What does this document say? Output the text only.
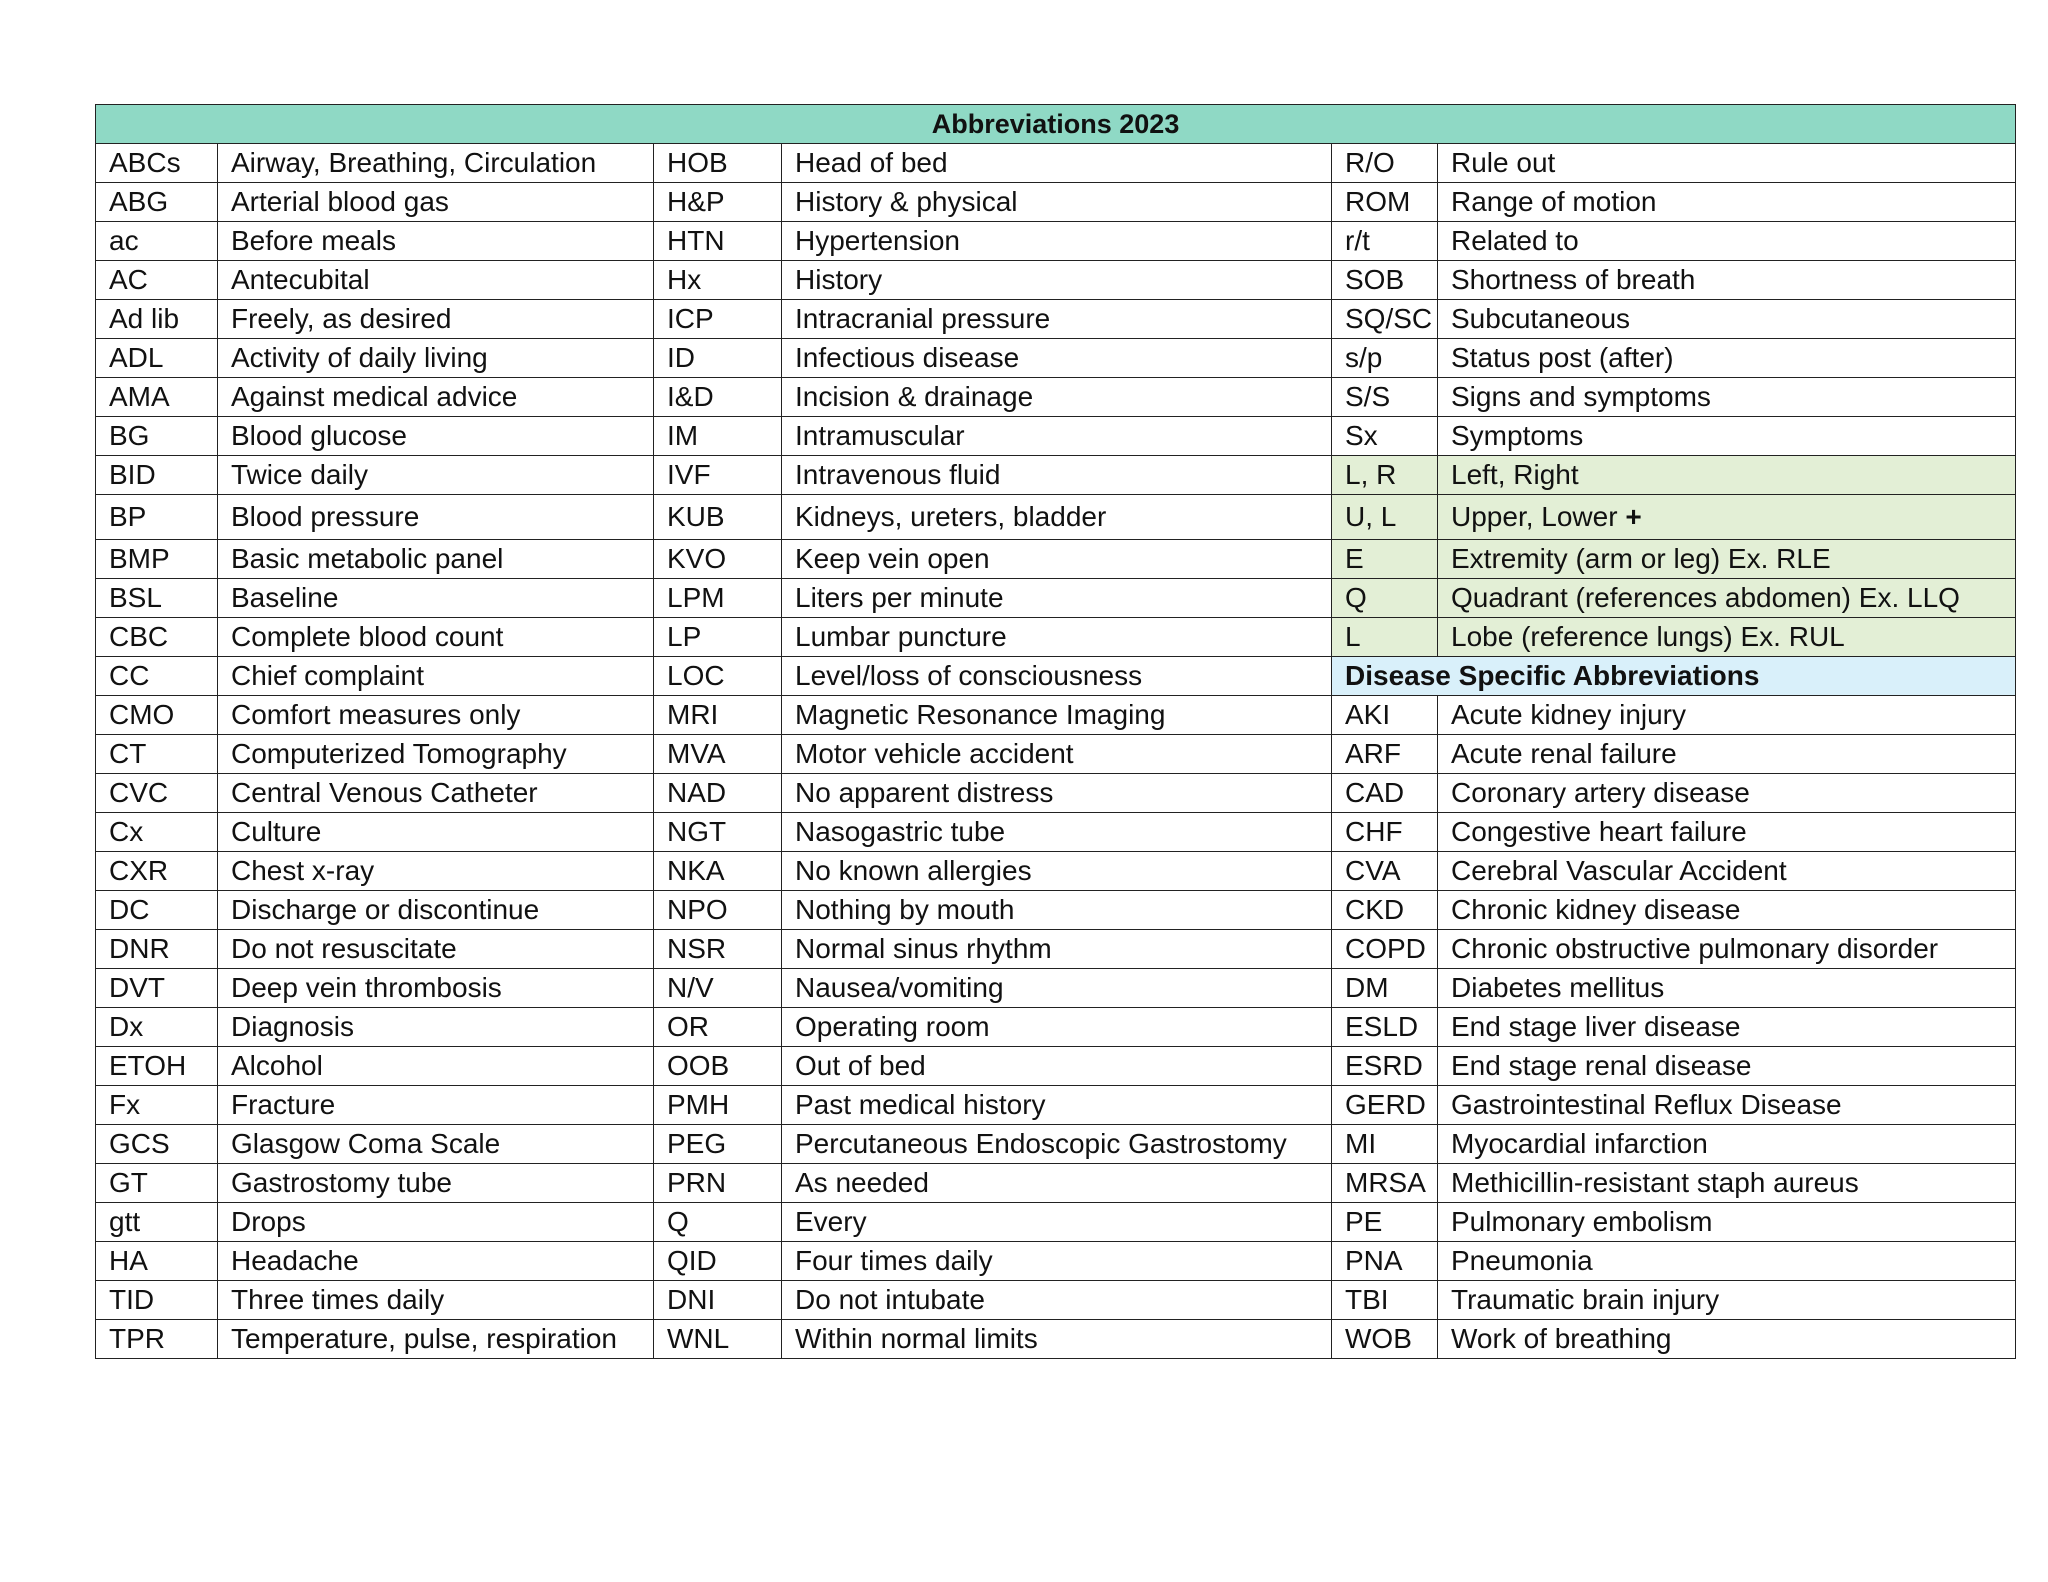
Abbreviations 2023					
ABCs	Airway, Breathing, Circulation	HOB	Head of bed	R/O	Rule out
ABG	Arterial blood gas	H&P	History & physical	ROM	Range of motion
ac	Before meals	HTN	Hypertension	r/t	Related to
AC	Antecubital	Hx	History	SOB	Shortness of breath
Ad lib	Freely, as desired	ICP	Intracranial pressure	SQ/SC	Subcutaneous
ADL	Activity of daily living	ID	Infectious disease	s/p	Status post (after)
AMA	Against medical advice	I&D	Incision & drainage	S/S	Signs and symptoms
BG	Blood glucose	IM	Intramuscular	Sx	Symptoms
BID	Twice daily	IVF	Intravenous fluid	L, R	Left, Right
BP	Blood pressure	KUB	Kidneys, ureters, bladder	U, L	Upper, Lower +
BMP	Basic metabolic panel	KVO	Keep vein open	E	Extremity (arm or leg) Ex. RLE
BSL	Baseline	LPM	Liters per minute	Q	Quadrant (references abdomen) Ex. LLQ
CBC	Complete blood count	LP	Lumbar puncture	L	Lobe (reference lungs) Ex. RUL
CC	Chief complaint	LOC	Level/loss of consciousness	Disease Specific Abbreviations	
CMO	Comfort measures only	MRI	Magnetic Resonance Imaging	AKI	Acute kidney injury
CT	Computerized Tomography	MVA	Motor vehicle accident	ARF	Acute renal failure
CVC	Central Venous Catheter	NAD	No apparent distress	CAD	Coronary artery disease
Cx	Culture	NGT	Nasogastric tube	CHF	Congestive heart failure
CXR	Chest x-ray	NKA	No known allergies	CVA	Cerebral Vascular Accident
DC	Discharge or discontinue	NPO	Nothing by mouth	CKD	Chronic kidney disease
DNR	Do not resuscitate	NSR	Normal sinus rhythm	COPD	Chronic obstructive pulmonary disorder
DVT	Deep vein thrombosis	N/V	Nausea/vomiting	DM	Diabetes mellitus
Dx	Diagnosis	OR	Operating room	ESLD	End stage liver disease
ETOH	Alcohol	OOB	Out of bed	ESRD	End stage renal disease
Fx	Fracture	PMH	Past medical history	GERD	Gastrointestinal Reflux Disease
GCS	Glasgow Coma Scale	PEG	Percutaneous Endoscopic Gastrostomy	MI	Myocardial infarction
GT	Gastrostomy tube	PRN	As needed	MRSA	Methicillin-resistant staph aureus
gtt	Drops	Q	Every	PE	Pulmonary embolism
HA	Headache	QID	Four times daily	PNA	Pneumonia
TID	Three times daily	DNI	Do not intubate	TBI	Traumatic brain injury
TPR	Temperature, pulse, respiration	WNL	Within normal limits	WOB	Work of breathing
